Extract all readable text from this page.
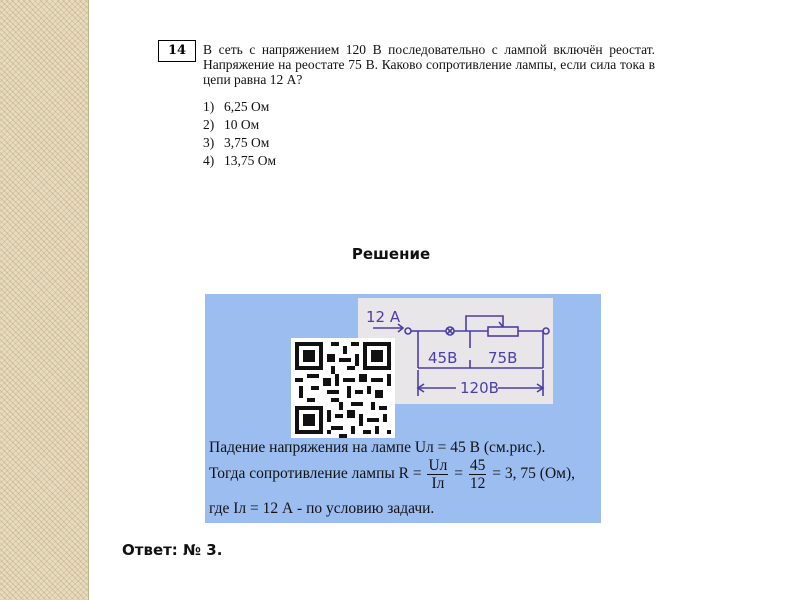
14	В сеть с напряжением 120 В последовательно с лампой включён реостат. Напряжение на реостате 75 В. Каково сопротивление лампы, если сила тока в цепи равна 12 А?
1) 6,25 Ом
2) 10 Ом
3) 3,75 Ом
4) 13,75 Ом
Решение
12 A
45В 75В
120В
Падение напряжения на лампе Uл = 45 В (см.рис.).
Тогда сопротивление лампы $R = \frac{Uл}{Iл} = \frac{45}{12} = 3$, 75 (Ом),
где Iл = 12 А - по условию задачи.
Ответ: № 3.
